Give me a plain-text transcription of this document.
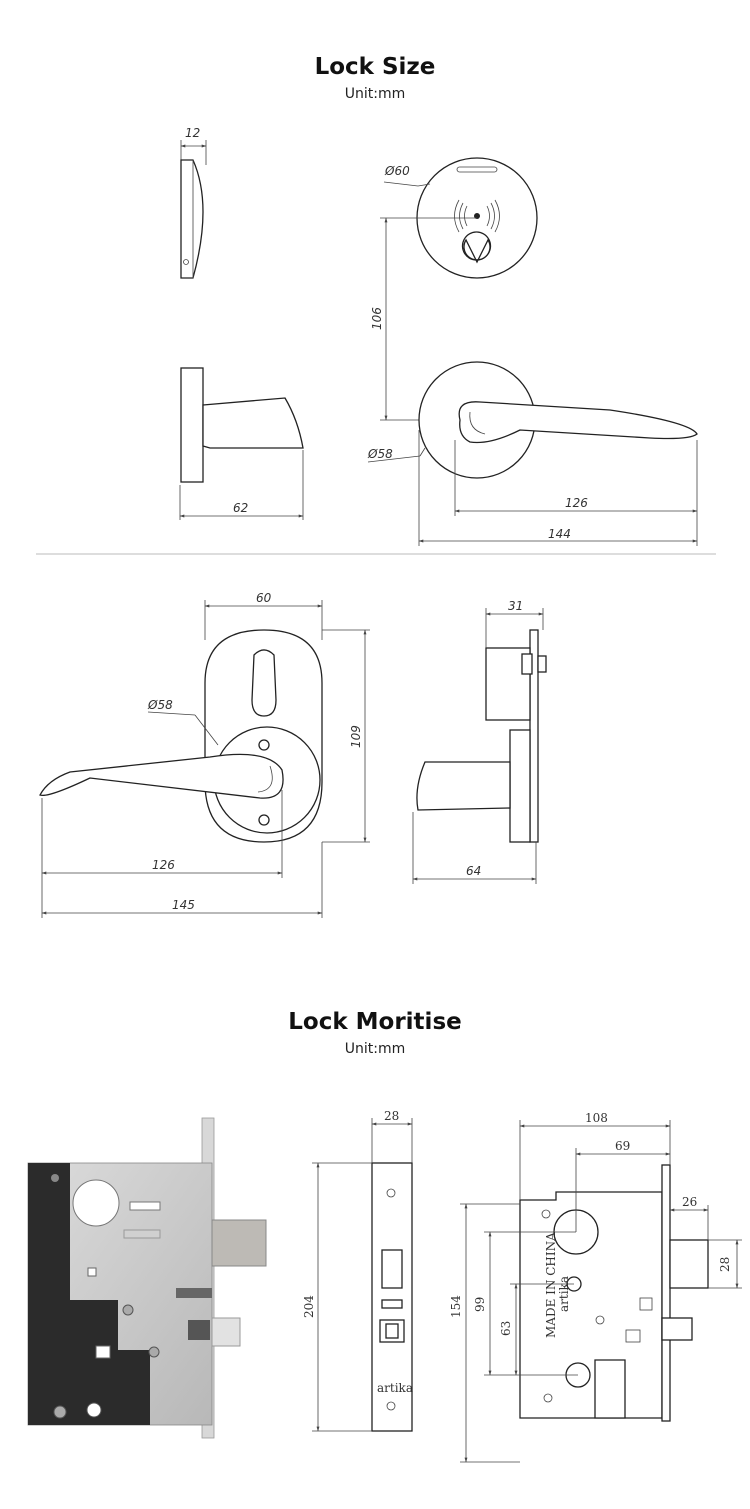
Lock Size
Unit:mm
Lock Moritise
Unit:mm
12
Ø60
106
62
Ø58
126
144
60
109
Ø58
126
145
31
64
artika
28
204	artika
MADE IN CHINA
108
69
26
28
154 99
63
